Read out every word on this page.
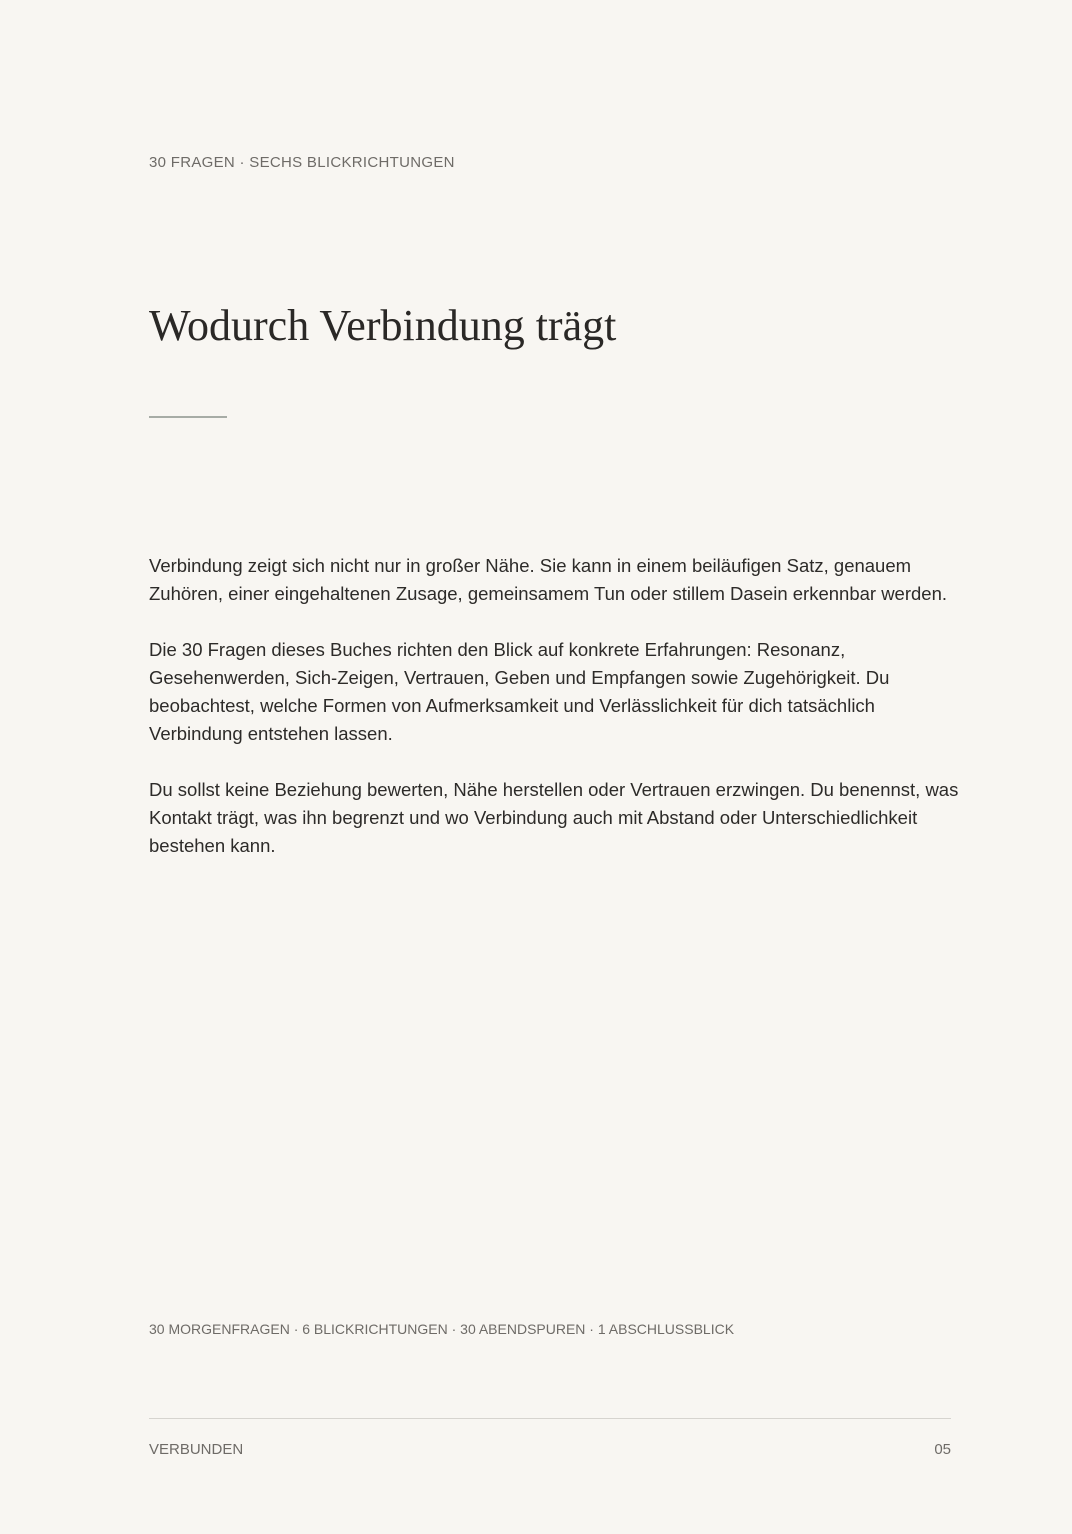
30 FRAGEN · SECHS BLICKRICHTUNGEN
Wodurch Verbindung trägt

Verbindung zeigt sich nicht nur in großer Nähe. Sie kann in einem beiläufigen Satz, genauem Zuhören, einer eingehaltenen Zusage, gemeinsamem Tun oder stillem Dasein erkennbar werden.

Die 30 Fragen dieses Buches richten den Blick auf konkrete Erfahrungen: Resonanz, Gesehenwerden, Sich-Zeigen, Vertrauen, Geben und Empfangen sowie Zugehörigkeit. Du beobachtest, welche Formen von Aufmerksamkeit und Verlässlichkeit für dich tatsächlich Verbindung entstehen lassen.

Du sollst keine Beziehung bewerten, Nähe herstellen oder Vertrauen erzwingen. Du benennst, was Kontakt trägt, was ihn begrenzt und wo Verbindung auch mit Abstand oder Unterschiedlichkeit bestehen kann.

30 MORGENFRAGEN · 6 BLICKRICHTUNGEN · 30 ABENDSPUREN · 1 ABSCHLUSSBLICK
VERBUNDEN	05
